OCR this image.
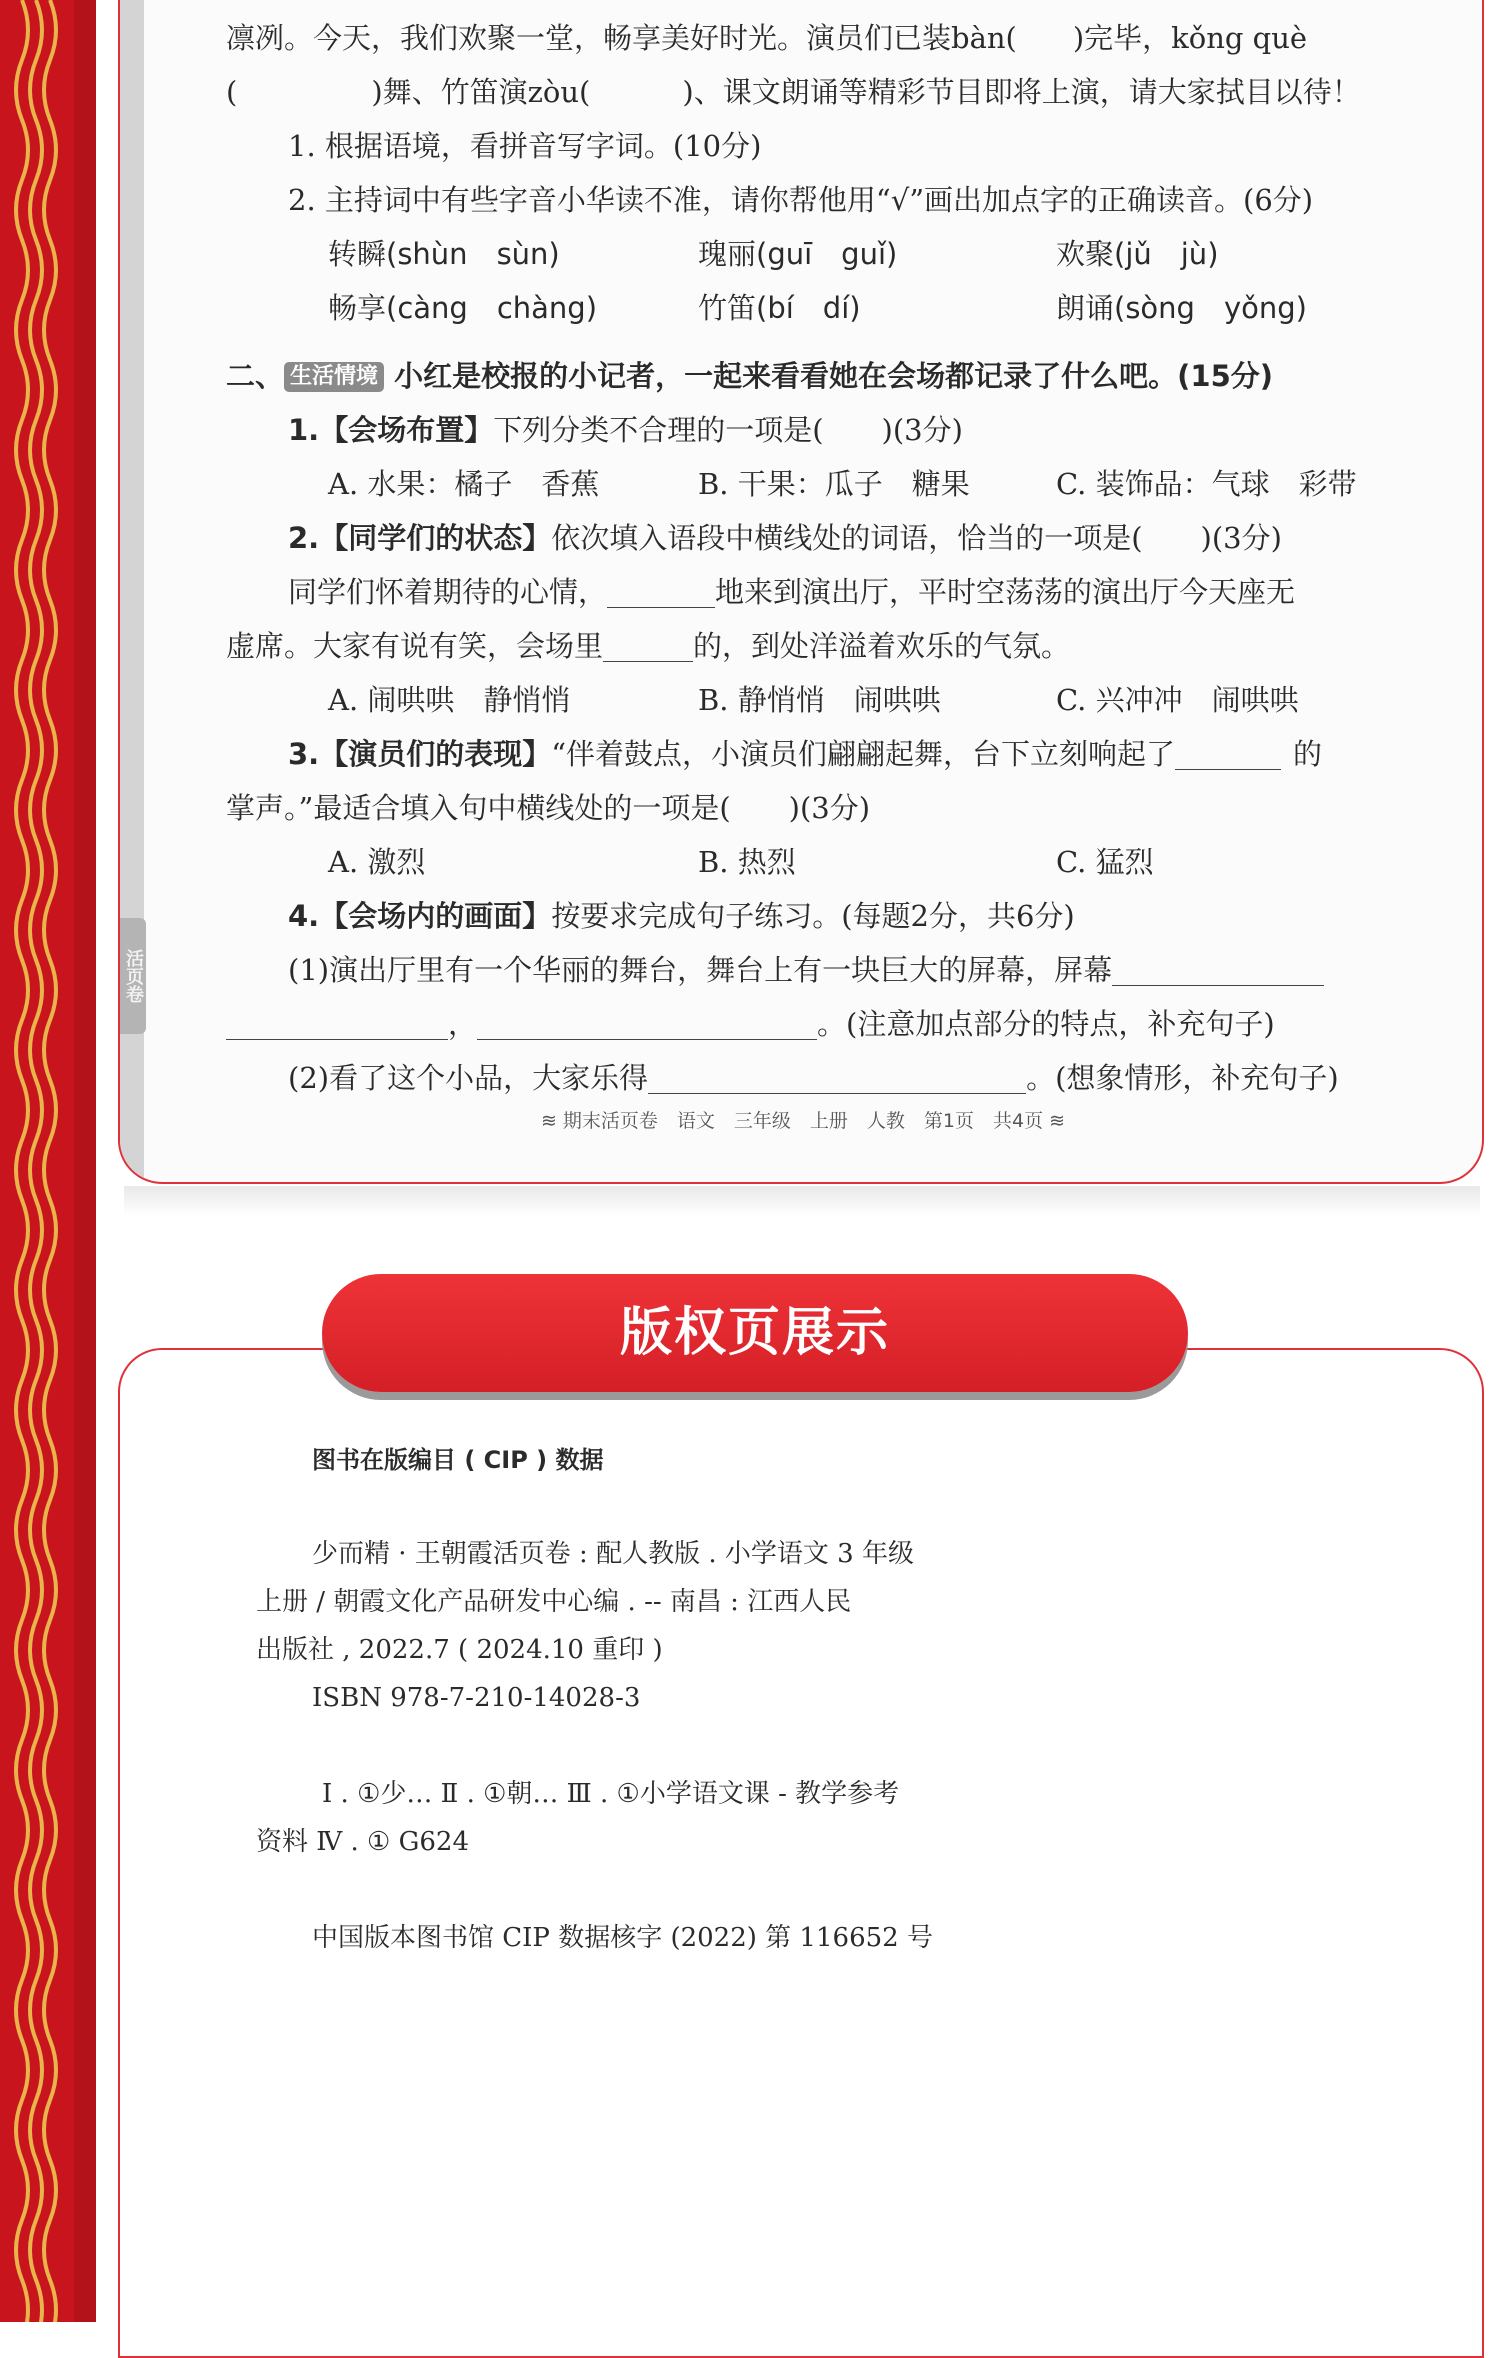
活页卷
凛冽。今天，我们欢聚一堂，畅享美好时光。演员们已装bàn( )完毕，kǒng què
(	)舞、竹笛演zòu(	)、课文朗诵等精彩节目即将上演，请大家拭目以待！
1. 根据语境，看拼音写字词。(10分)
2. 主持词中有些字音小华读不准，请你帮他用“√”画出加点字的正确读音。(6分)
转瞬(shùn　sùn)	瑰丽(guī　guǐ)	欢聚(jǔ　jù)
畅享(càng　chàng)	竹笛(bí　dí)	朗诵(sòng　yǒng)
二、 生活情境 小红是校报的小记者，一起来看看她在会场都记录了什么吧。(15分)
1.【会场布置】下列分类不合理的一项是(　　)(3分)
A. 水果：橘子　香蕉	B. 干果：瓜子　糖果	C. 装饰品：气球　彩带
2.【同学们的状态】依次填入语段中横线处的词语，恰当的一项是(　　)(3分)
同学们怀着期待的心情，	地来到演出厅，平时空荡荡的演出厅今天座无
虚席。大家有说有笑，会场里	的，到处洋溢着欢乐的气氛。
A. 闹哄哄　静悄悄	B. 静悄悄　闹哄哄	C. 兴冲冲　闹哄哄
3.【演员们的表现】“伴着鼓点，小演员们翩翩起舞，台下立刻响起了	的
掌声。”最适合填入句中横线处的一项是(　　)(3分)
A. 激烈	B. 热烈	C. 猛烈
4.【会场内的画面】按要求完成句子练习。(每题2分，共6分)
(1)演出厅里有一个华丽的舞台，舞台上有一块巨大的屏幕，屏幕
，	。(注意加点部分的特点，补充句子)
(2)看了这个小品，大家乐得	。(想象情形，补充句子)
≋ 期末活页卷　语文　三年级　上册　人教　第1页　共4页 ≋
图书在版编目 ( CIP ) 数据
少而精 · 王朝霞活页卷 : 配人教版 . 小学语文 3 年级
上册 / 朝霞文化产品研发中心编 . -- 南昌 : 江西人民
出版社 , 2022.7 ( 2024.10 重印 )
ISBN 978-7-210-14028-3
Ⅰ . ①少… Ⅱ . ①朝… Ⅲ . ①小学语文课 - 教学参考
资料 Ⅳ . ① G624
中国版本图书馆 CIP 数据核字 (2022) 第 116652 号
版权页展示
